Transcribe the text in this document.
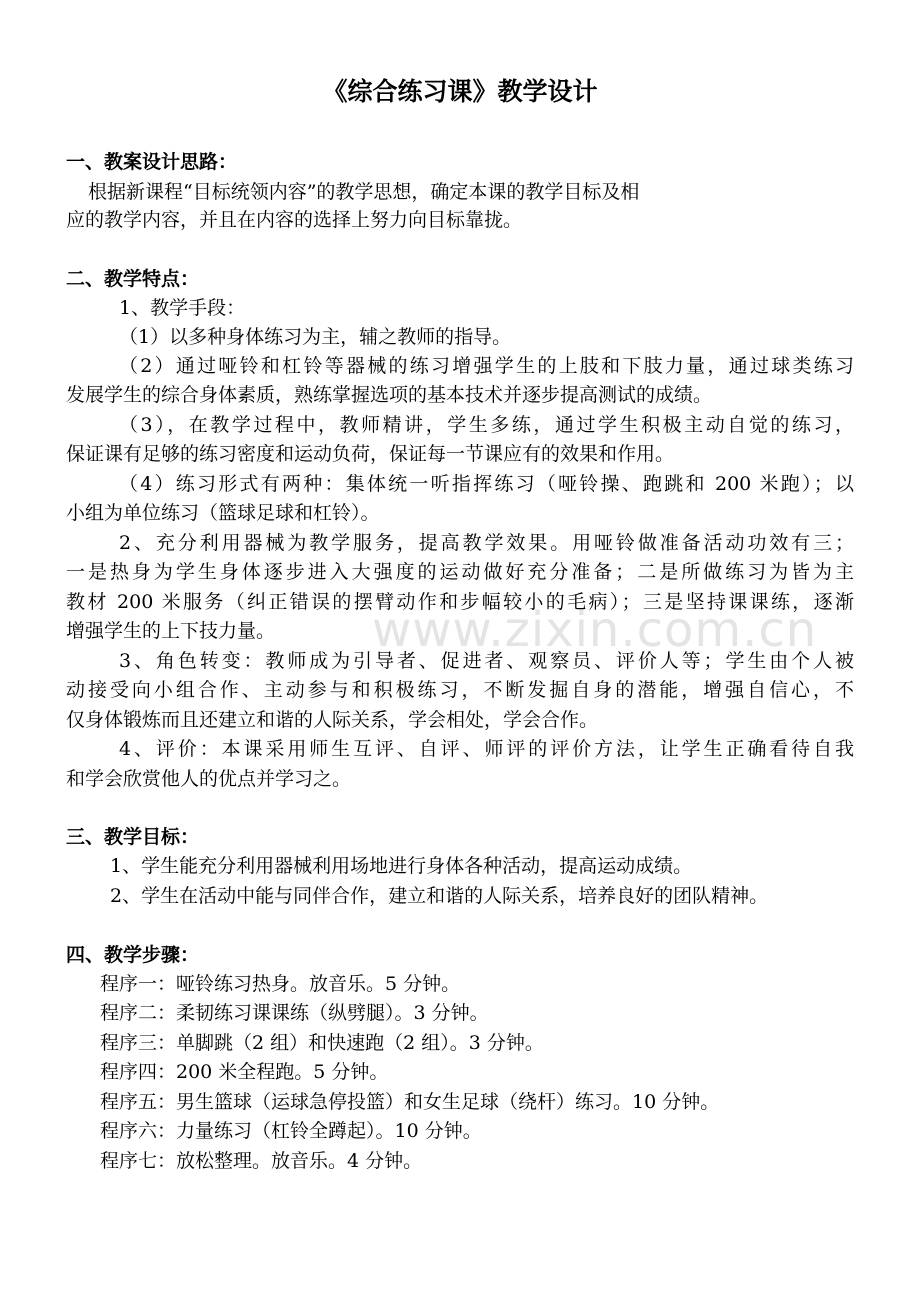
www.zixin.com.cn
《综合练习课》教学设计
一、教案设计思路：
根据新课程“目标统领内容”的教学思想，确定本课的教学目标及相
应的教学内容，并且在内容的选择上努力向目标靠拢。
二、教学特点：
1、教学手段：
（1）以多种身体练习为主，辅之教师的指导。
（2）通过哑铃和杠铃等器械的练习增强学生的上肢和下肢力量，通过球类练习
发展学生的综合身体素质，熟练掌握选项的基本技术并逐步提高测试的成绩。
（3），在教学过程中，教师精讲，学生多练，通过学生积极主动自觉的练习，
保证课有足够的练习密度和运动负荷，保证每一节课应有的效果和作用。
（4）练习形式有两种：集体统一听指挥练习（哑铃操、跑跳和 200 米跑）；以
小组为单位练习（篮球足球和杠铃）。
2、充分利用器械为教学服务，提高教学效果。用哑铃做准备活动功效有三；
一是热身为学生身体逐步进入大强度的运动做好充分准备；二是所做练习为皆为主
教材 200 米服务（纠正错误的摆臂动作和步幅较小的毛病）；三是坚持课课练，逐渐
增强学生的上下技力量。
3、角色转变：教师成为引导者、促进者、观察员、评价人等；学生由个人被
动接受向小组合作、主动参与和积极练习，不断发掘自身的潜能，增强自信心，不
仅身体锻炼而且还建立和谐的人际关系，学会相处，学会合作。
4、评价：本课采用师生互评、自评、师评的评价方法，让学生正确看待自我
和学会欣赏他人的优点并学习之。
三、教学目标：
1、学生能充分利用器械利用场地进行身体各种活动，提高运动成绩。
2、学生在活动中能与同伴合作，建立和谐的人际关系，培养良好的团队精神。
四、教学步骤：
程序一：哑铃练习热身。放音乐。5 分钟。
程序二：柔韧练习课课练（纵劈腿）。3 分钟。
程序三：单脚跳（2 组）和快速跑（2 组）。3 分钟。
程序四：200 米全程跑。5 分钟。
程序五：男生篮球（运球急停投篮）和女生足球（绕杆）练习。10 分钟。
程序六：力量练习（杠铃全蹲起）。10 分钟。
程序七：放松整理。放音乐。4 分钟。
